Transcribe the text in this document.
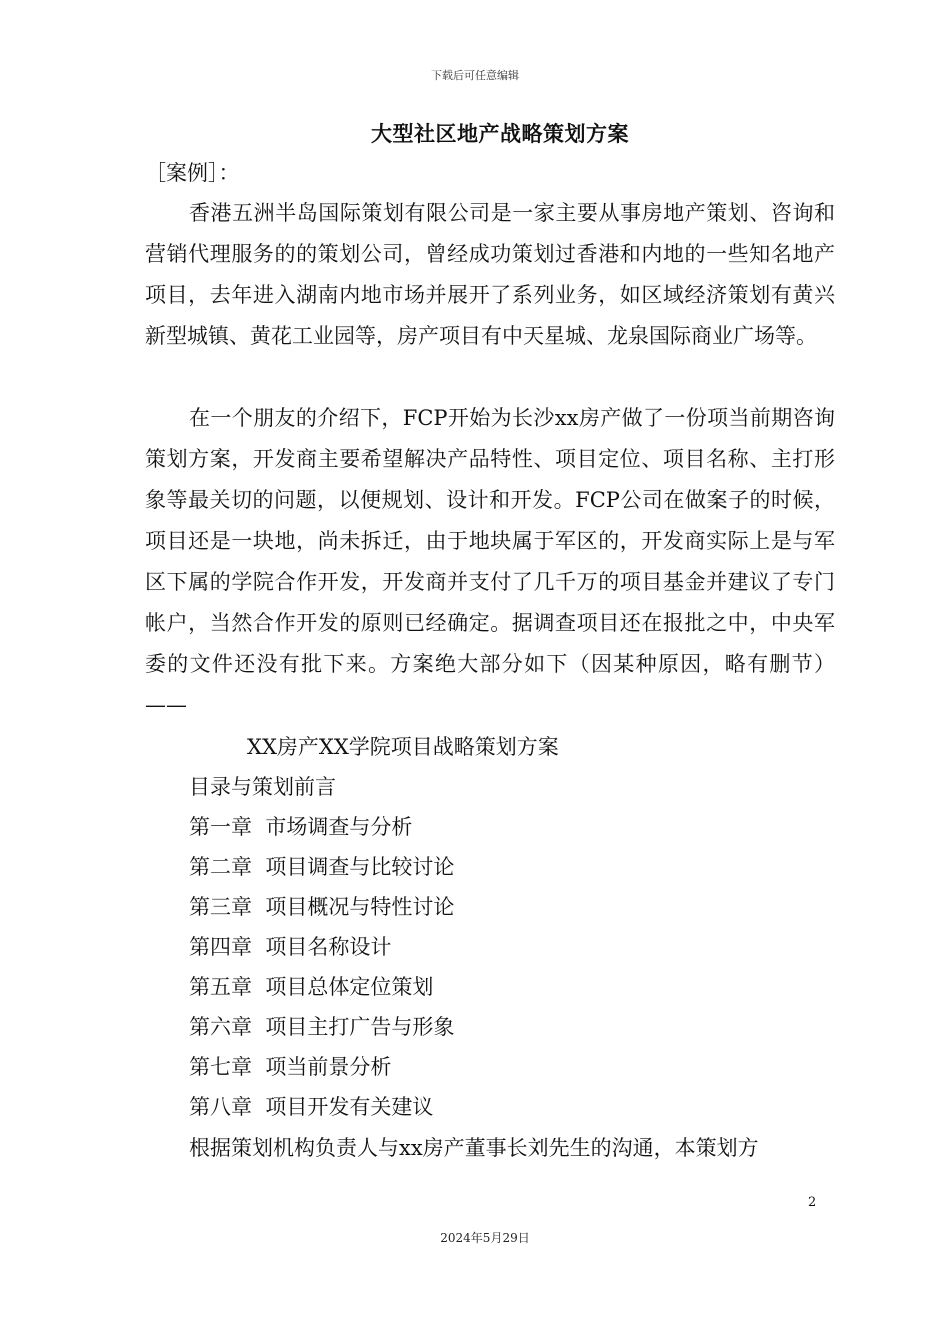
下载后可任意编辑
大型社区地产战略策划方案
［案例］：

香港五洲半岛国际策划有限公司是一家主要从事房地产策划、咨询和营销代理服务的的策划公司，曾经成功策划过香港和内地的一些知名地产项目，去年进入湖南内地市场并展开了系列业务，如区域经济策划有黄兴新型城镇、黄花工业园等，房产项目有中天星城、龙泉国际商业广场等。

在一个朋友的介绍下，FCP开始为长沙xx房产做了一份项当前期咨询策划方案，开发商主要希望解决产品特性、项目定位、项目名称、主打形象等最关切的问题，以便规划、设计和开发。FCP公司在做案子的时候，项目还是一块地，尚未拆迁，由于地块属于军区的，开发商实际上是与军区下属的学院合作开发，开发商并支付了几千万的项目基金并建议了专门帐户，当然合作开发的原则已经确定。据调查项目还在报批之中，中央军委的文件还没有批下来。方案绝大部分如下（因某种原因，略有删节）——

XX房产XX学院项目战略策划方案

目录与策划前言

第一章  市场调查与分析

第二章  项目调查与比较讨论

第三章  项目概况与特性讨论

第四章  项目名称设计

第五章  项目总体定位策划

第六章  项目主打广告与形象

第七章  项当前景分析

第八章  项目开发有关建议

根据策划机构负责人与xx房产董事长刘先生的沟通，本策划方
2
2024年5月29日
